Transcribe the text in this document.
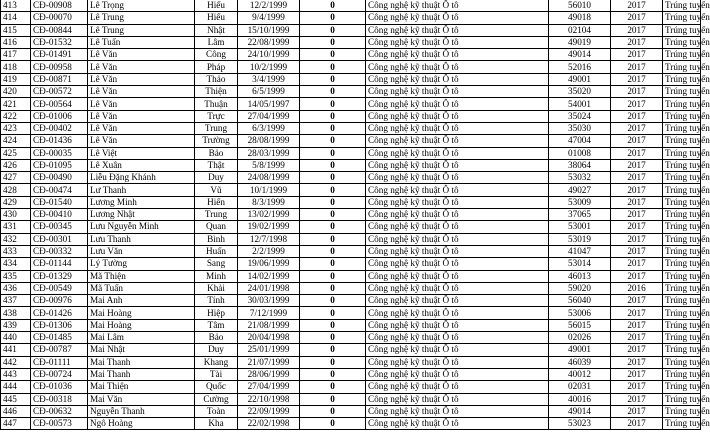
413	CĐ-00908	Lê Trọng	Hiếu	12/2/1999	0	Công nghệ kỹ thuật Ô tô	56010	2017	Trúng tuyển
414	CĐ-00070	Lê Trung	Hiếu	9/4/1999	0	Công nghệ kỹ thuật Ô tô	49018	2017	Trúng tuyển
415	CĐ-00844	Lê Trung	Nhật	15/10/1999	0	Công nghệ kỹ thuật Ô tô	02104	2017	Trúng tuyển
416	CĐ-01532	Lê Tuấn	Lâm	22/08/1999	0	Công nghệ kỹ thuật Ô tô	49019	2017	Trúng tuyển
417	CĐ-01491	Lê Văn	Công	24/10/1999	0	Công nghệ kỹ thuật Ô tô	49014	2017	Trúng tuyển
418	CĐ-00958	Lê Văn	Pháp	10/2/1999	0	Công nghệ kỹ thuật Ô tô	52016	2017	Trúng tuyển
419	CĐ-00871	Lê Văn	Thảo	3/4/1999	0	Công nghệ kỹ thuật Ô tô	49001	2017	Trúng tuyển
420	CĐ-00572	Lê Văn	Thiện	6/5/1999	0	Công nghệ kỹ thuật Ô tô	35020	2017	Trúng tuyển
421	CĐ-00564	Lê Văn	Thuận	14/05/1997	0	Công nghệ kỹ thuật Ô tô	54001	2017	Trúng tuyển
422	CĐ-01006	Lê Văn	Trực	27/04/1999	0	Công nghệ kỹ thuật Ô tô	35024	2017	Trúng tuyển
423	CĐ-00402	Lê Văn	Trung	6/3/1999	0	Công nghệ kỹ thuật Ô tô	35030	2017	Trúng tuyển
424	CĐ-01436	Lê Văn	Trường	28/08/1999	0	Công nghệ kỹ thuật Ô tô	47004	2017	Trúng tuyển
425	CĐ-00035	Lê Việt	Bảo	28/03/1999	0	Công nghệ kỹ thuật Ô tô	01008	2017	Trúng tuyển
426	CĐ-01095	Lê Xuân	Thật	5/8/1999	0	Công nghệ kỹ thuật Ô tô	38064	2017	Trúng tuyển
427	CĐ-00490	Liễu Đặng Khánh	Duy	24/08/1999	0	Công nghệ kỹ thuật Ô tô	53032	2017	Trúng tuyển
428	CĐ-00474	Lư Thanh	Vũ	10/1/1999	0	Công nghệ kỹ thuật Ô tô	49027	2017	Trúng tuyển
429	CĐ-01540	Lương Minh	Hiển	8/3/1999	0	Công nghệ kỹ thuật Ô tô	53009	2017	Trúng tuyển
430	CĐ-00410	Lương Nhật	Trung	13/02/1999	0	Công nghệ kỹ thuật Ô tô	37065	2017	Trúng tuyển
431	CĐ-00345	Lưu Nguyễn Minh	Quan	19/02/1999	0	Công nghệ kỹ thuật Ô tô	53001	2017	Trúng tuyển
432	CĐ-00301	Lưu Thanh	Bình	12/7/1998	0	Công nghệ kỹ thuật Ô tô	53019	2017	Trúng tuyển
433	CĐ-00332	Lưu Văn	Huấn	2/2/1999	0	Công nghệ kỹ thuật Ô tô	41047	2017	Trúng tuyển
434	CĐ-01144	Lý Tường	Sang	19/06/1999	0	Công nghệ kỹ thuật Ô tô	53014	2017	Trúng tuyển
435	CĐ-01329	Mã Thiện	Minh	14/02/1999	0	Công nghệ kỹ thuật Ô tô	46013	2017	Trúng tuyển
436	CĐ-00549	Mã Tuấn	Khải	24/01/1998	0	Công nghệ kỹ thuật Ô tô	59020	2016	Trúng tuyển
437	CĐ-00976	Mai Anh	Tính	30/03/1999	0	Công nghệ kỹ thuật Ô tô	56040	2017	Trúng tuyển
438	CĐ-01426	Mai Hoàng	Hiệp	7/12/1999	0	Công nghệ kỹ thuật Ô tô	53006	2017	Trúng tuyển
439	CĐ-01306	Mai Hoàng	Tâm	21/08/1999	0	Công nghệ kỹ thuật Ô tô	56015	2017	Trúng tuyển
440	CĐ-01485	Mai Lâm	Bảo	20/04/1998	0	Công nghệ kỹ thuật Ô tô	02026	2017	Trúng tuyển
441	CĐ-00787	Mai Nhật	Duy	25/01/1999	0	Công nghệ kỹ thuật Ô tô	49001	2017	Trúng tuyển
442	CĐ-01111	Mai Thanh	Khang	21/07/1999	0	Công nghệ kỹ thuật Ô tô	46039	2017	Trúng tuyển
443	CĐ-00724	Mai Thanh	Tài	28/06/1999	0	Công nghệ kỹ thuật Ô tô	40012	2017	Trúng tuyển
444	CĐ-01036	Mai Thiện	Quốc	27/04/1999	0	Công nghệ kỹ thuật Ô tô	02031	2017	Trúng tuyển
445	CĐ-00318	Mai Văn	Cường	22/10/1998	0	Công nghệ kỹ thuật Ô tô	40016	2017	Trúng tuyển
446	CĐ-00632	Nguyễn Thanh	Toàn	22/09/1999	0	Công nghệ kỹ thuật Ô tô	49014	2017	Trúng tuyển
447	CĐ-00573	Ngô Hoàng	Kha	22/02/1998	0	Công nghệ kỹ thuật Ô tô	53023	2017	Trúng tuyển
